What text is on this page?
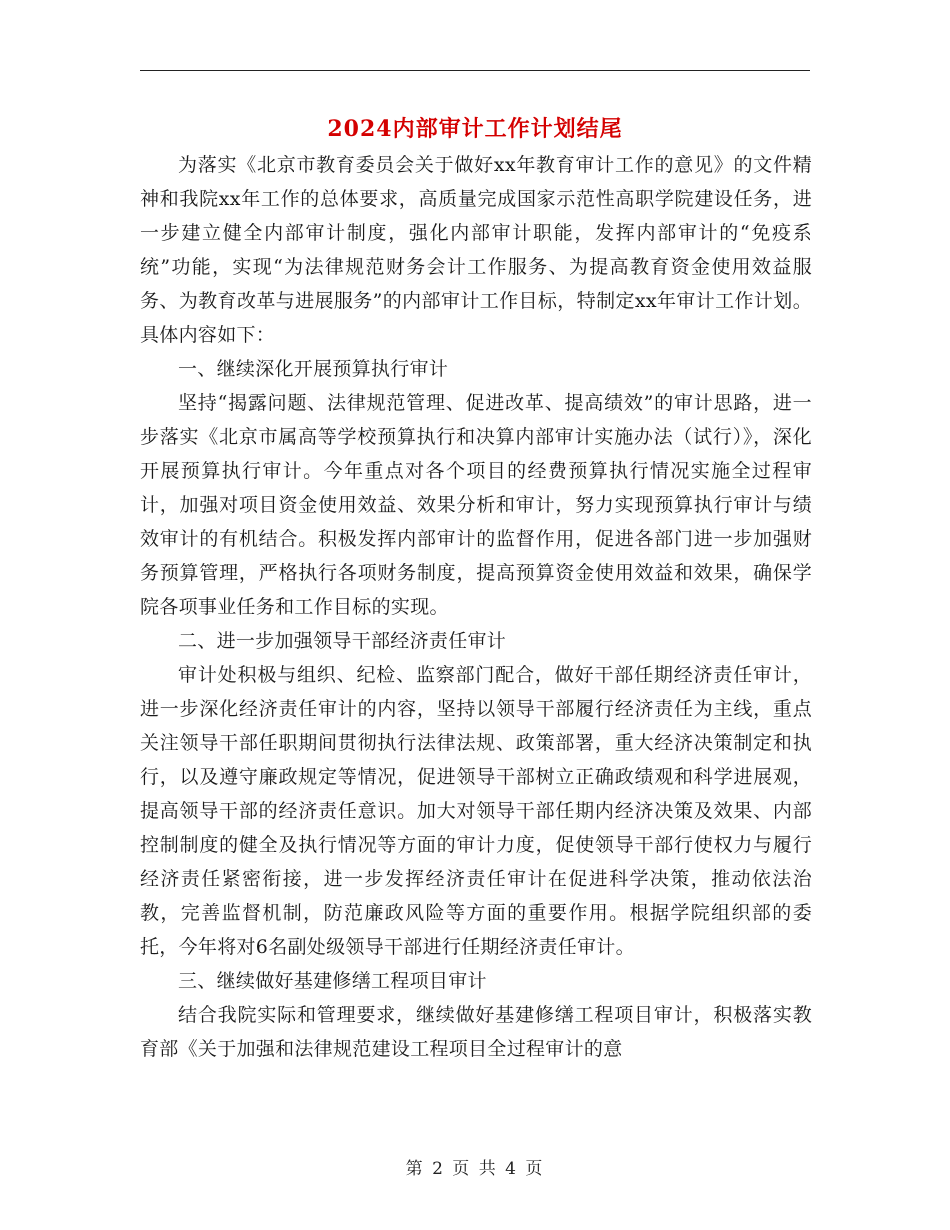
2024内部审计工作计划结尾

为落实《北京市教育委员会关于做好xx年教育审计工作的意见》的文件精神和我院xx年工作的总体要求，高质量完成国家示范性高职学院建设任务，进一步建立健全内部审计制度，强化内部审计职能，发挥内部审计的“免疫系统”功能，实现“为法律规范财务会计工作服务、为提高教育资金使用效益服务、为教育改革与进展服务”的内部审计工作目标，特制定xx年审计工作计划。具体内容如下：

一、继续深化开展预算执行审计

坚持“揭露问题、法律规范管理、促进改革、提高绩效”的审计思路，进一步落实《北京市属高等学校预算执行和决算内部审计实施办法（试行）》，深化开展预算执行审计。今年重点对各个项目的经费预算执行情况实施全过程审计，加强对项目资金使用效益、效果分析和审计，努力实现预算执行审计与绩效审计的有机结合。积极发挥内部审计的监督作用，促进各部门进一步加强财务预算管理，严格执行各项财务制度，提高预算资金使用效益和效果，确保学院各项事业任务和工作目标的实现。

二、进一步加强领导干部经济责任审计

审计处积极与组织、纪检、监察部门配合，做好干部任期经济责任审计，进一步深化经济责任审计的内容，坚持以领导干部履行经济责任为主线，重点关注领导干部任职期间贯彻执行法律法规、政策部署，重大经济决策制定和执行，以及遵守廉政规定等情况，促进领导干部树立正确政绩观和科学进展观，提高领导干部的经济责任意识。加大对领导干部任期内经济决策及效果、内部控制制度的健全及执行情况等方面的审计力度，促使领导干部行使权力与履行经济责任紧密衔接，进一步发挥经济责任审计在促进科学决策，推动依法治教，完善监督机制，防范廉政风险等方面的重要作用。根据学院组织部的委托，今年将对6名副处级领导干部进行任期经济责任审计。

三、继续做好基建修缮工程项目审计

结合我院实际和管理要求，继续做好基建修缮工程项目审计，积极落实教育部《关于加强和法律规范建设工程项目全过程审计的意

第 2 页 共 4 页
